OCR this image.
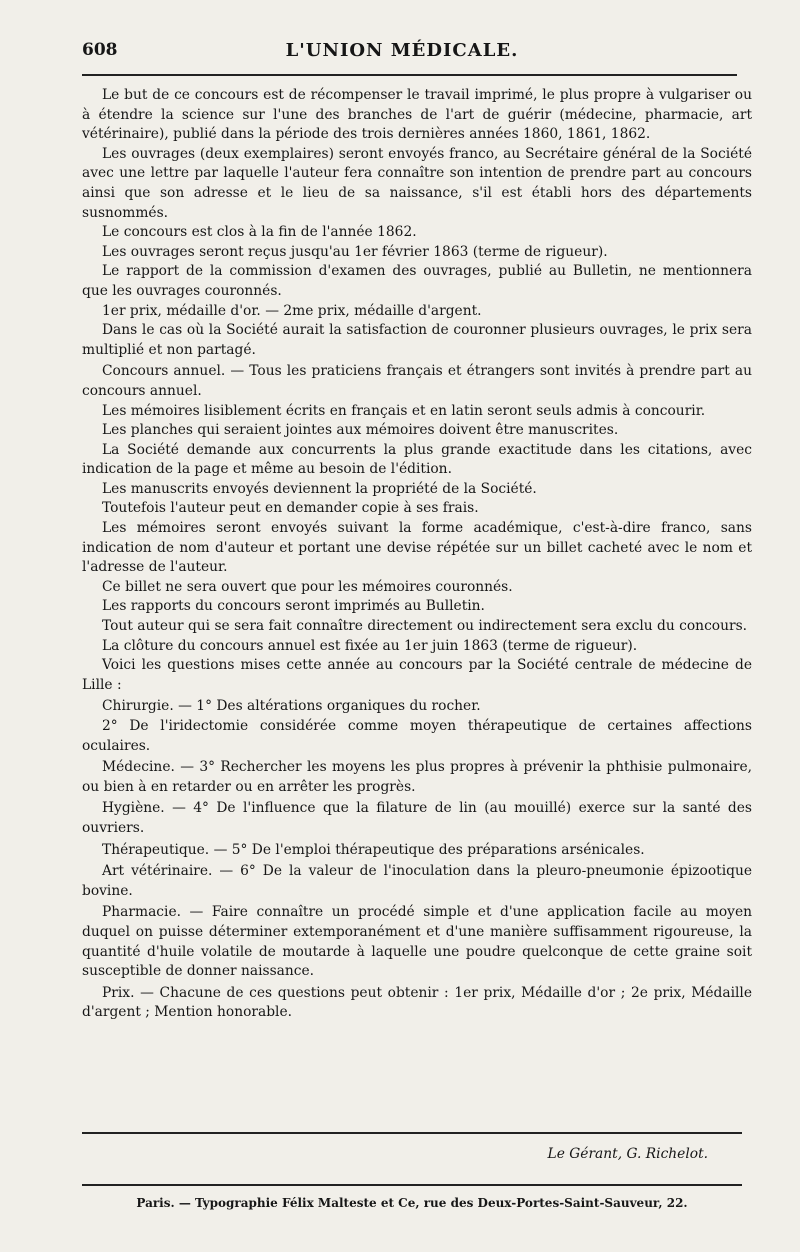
608	L'UNION MÉDICALE.

Le but de ce concours est de récompenser le travail imprimé, le plus propre à vulgariser ou à étendre la science sur l'une des branches de l'art de guérir (médecine, pharmacie, art vétérinaire), publié dans la période des trois dernières années 1860, 1861, 1862.

Les ouvrages (deux exemplaires) seront envoyés franco, au Secrétaire général de la Société avec une lettre par laquelle l'auteur fera connaître son intention de prendre part au concours ainsi que son adresse et le lieu de sa naissance, s'il est établi hors des départements susnommés.

Le concours est clos à la fin de l'année 1862.

Les ouvrages seront reçus jusqu'au 1er février 1863 (terme de rigueur).

Le rapport de la commission d'examen des ouvrages, publié au Bulletin, ne mentionnera que les ouvrages couronnés.

1er prix, médaille d'or. — 2me prix, médaille d'argent.

Dans le cas où la Société aurait la satisfaction de couronner plusieurs ouvrages, le prix sera multiplié et non partagé.

Concours annuel. — Tous les praticiens français et étrangers sont invités à prendre part au concours annuel.

Les mémoires lisiblement écrits en français et en latin seront seuls admis à concourir.

Les planches qui seraient jointes aux mémoires doivent être manuscrites.

La Société demande aux concurrents la plus grande exactitude dans les citations, avec indication de la page et même au besoin de l'édition.

Les manuscrits envoyés deviennent la propriété de la Société.

Toutefois l'auteur peut en demander copie à ses frais.

Les mémoires seront envoyés suivant la forme académique, c'est-à-dire franco, sans indication de nom d'auteur et portant une devise répétée sur un billet cacheté avec le nom et l'adresse de l'auteur.

Ce billet ne sera ouvert que pour les mémoires couronnés.

Les rapports du concours seront imprimés au Bulletin.

Tout auteur qui se sera fait connaître directement ou indirectement sera exclu du concours.

La clôture du concours annuel est fixée au 1er juin 1863 (terme de rigueur).

Voici les questions mises cette année au concours par la Société centrale de médecine de Lille :

Chirurgie. — 1° Des altérations organiques du rocher.

2° De l'iridectomie considérée comme moyen thérapeutique de certaines affections oculaires.

Médecine. — 3° Rechercher les moyens les plus propres à prévenir la phthisie pulmonaire, ou bien à en retarder ou en arrêter les progrès.

Hygiène. — 4° De l'influence que la filature de lin (au mouillé) exerce sur la santé des ouvriers.

Thérapeutique. — 5° De l'emploi thérapeutique des préparations arsénicales.

Art vétérinaire. — 6° De la valeur de l'inoculation dans la pleuro-pneumonie épizootique bovine.

Pharmacie. — Faire connaître un procédé simple et d'une application facile au moyen duquel on puisse déterminer extemporanément et d'une manière suffisamment rigoureuse, la quantité d'huile volatile de moutarde à laquelle une poudre quelconque de cette graine soit susceptible de donner naissance.

Prix. — Chacune de ces questions peut obtenir : 1er prix, Médaille d'or ; 2e prix, Médaille d'argent ; Mention honorable.

Le Gérant, G. Richelot.
Paris. — Typographie Félix Malteste et Ce, rue des Deux-Portes-Saint-Sauveur, 22.
